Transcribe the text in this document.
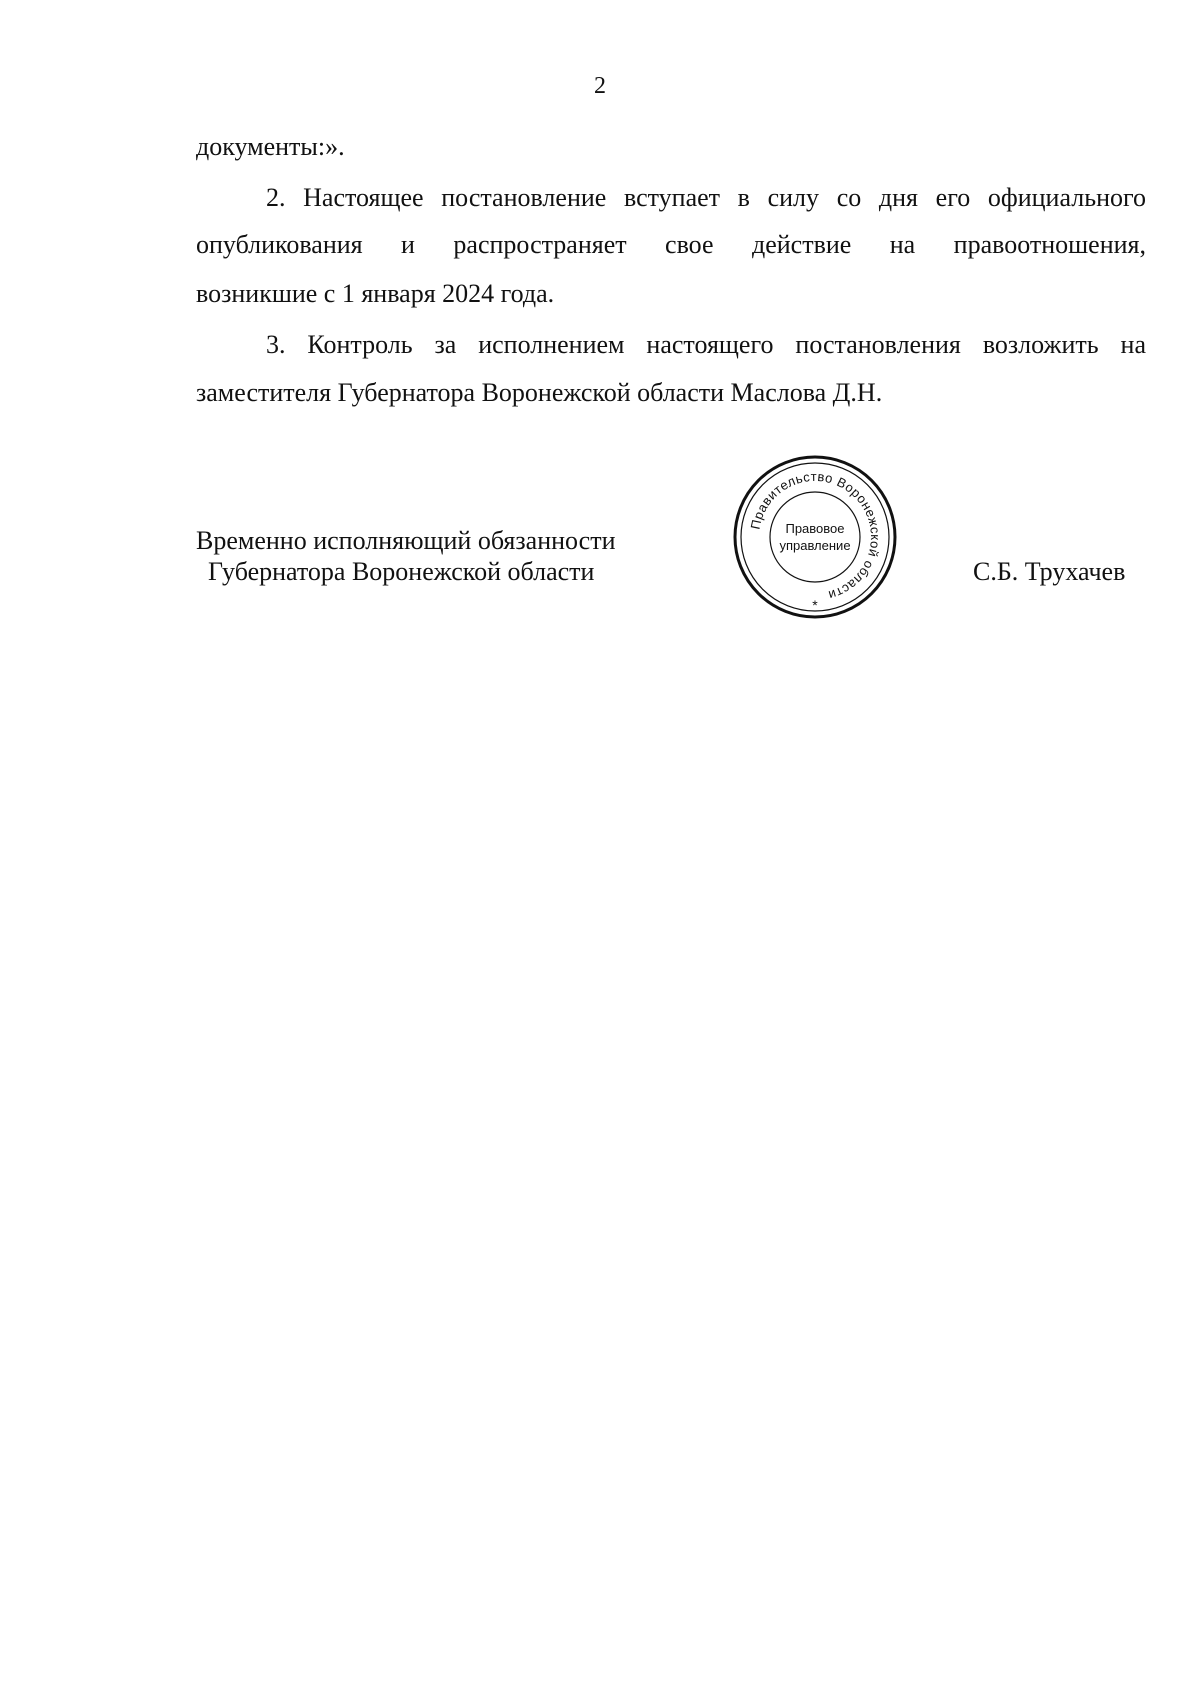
2
документы:».
2. Настоящее постановление вступает в силу со дня его официального
опубликования и распространяет свое действие на правоотношения,
возникшие с 1 января 2024 года.
3. Контроль за исполнением настоящего постановления возложить на
заместителя Губернатора Воронежской области Маслова Д.Н.
Временно исполняющий обязанности
Губернатора Воронежской области
Правительство Воронежской области
Правовое
управление
*
С.Б. Трухачев
